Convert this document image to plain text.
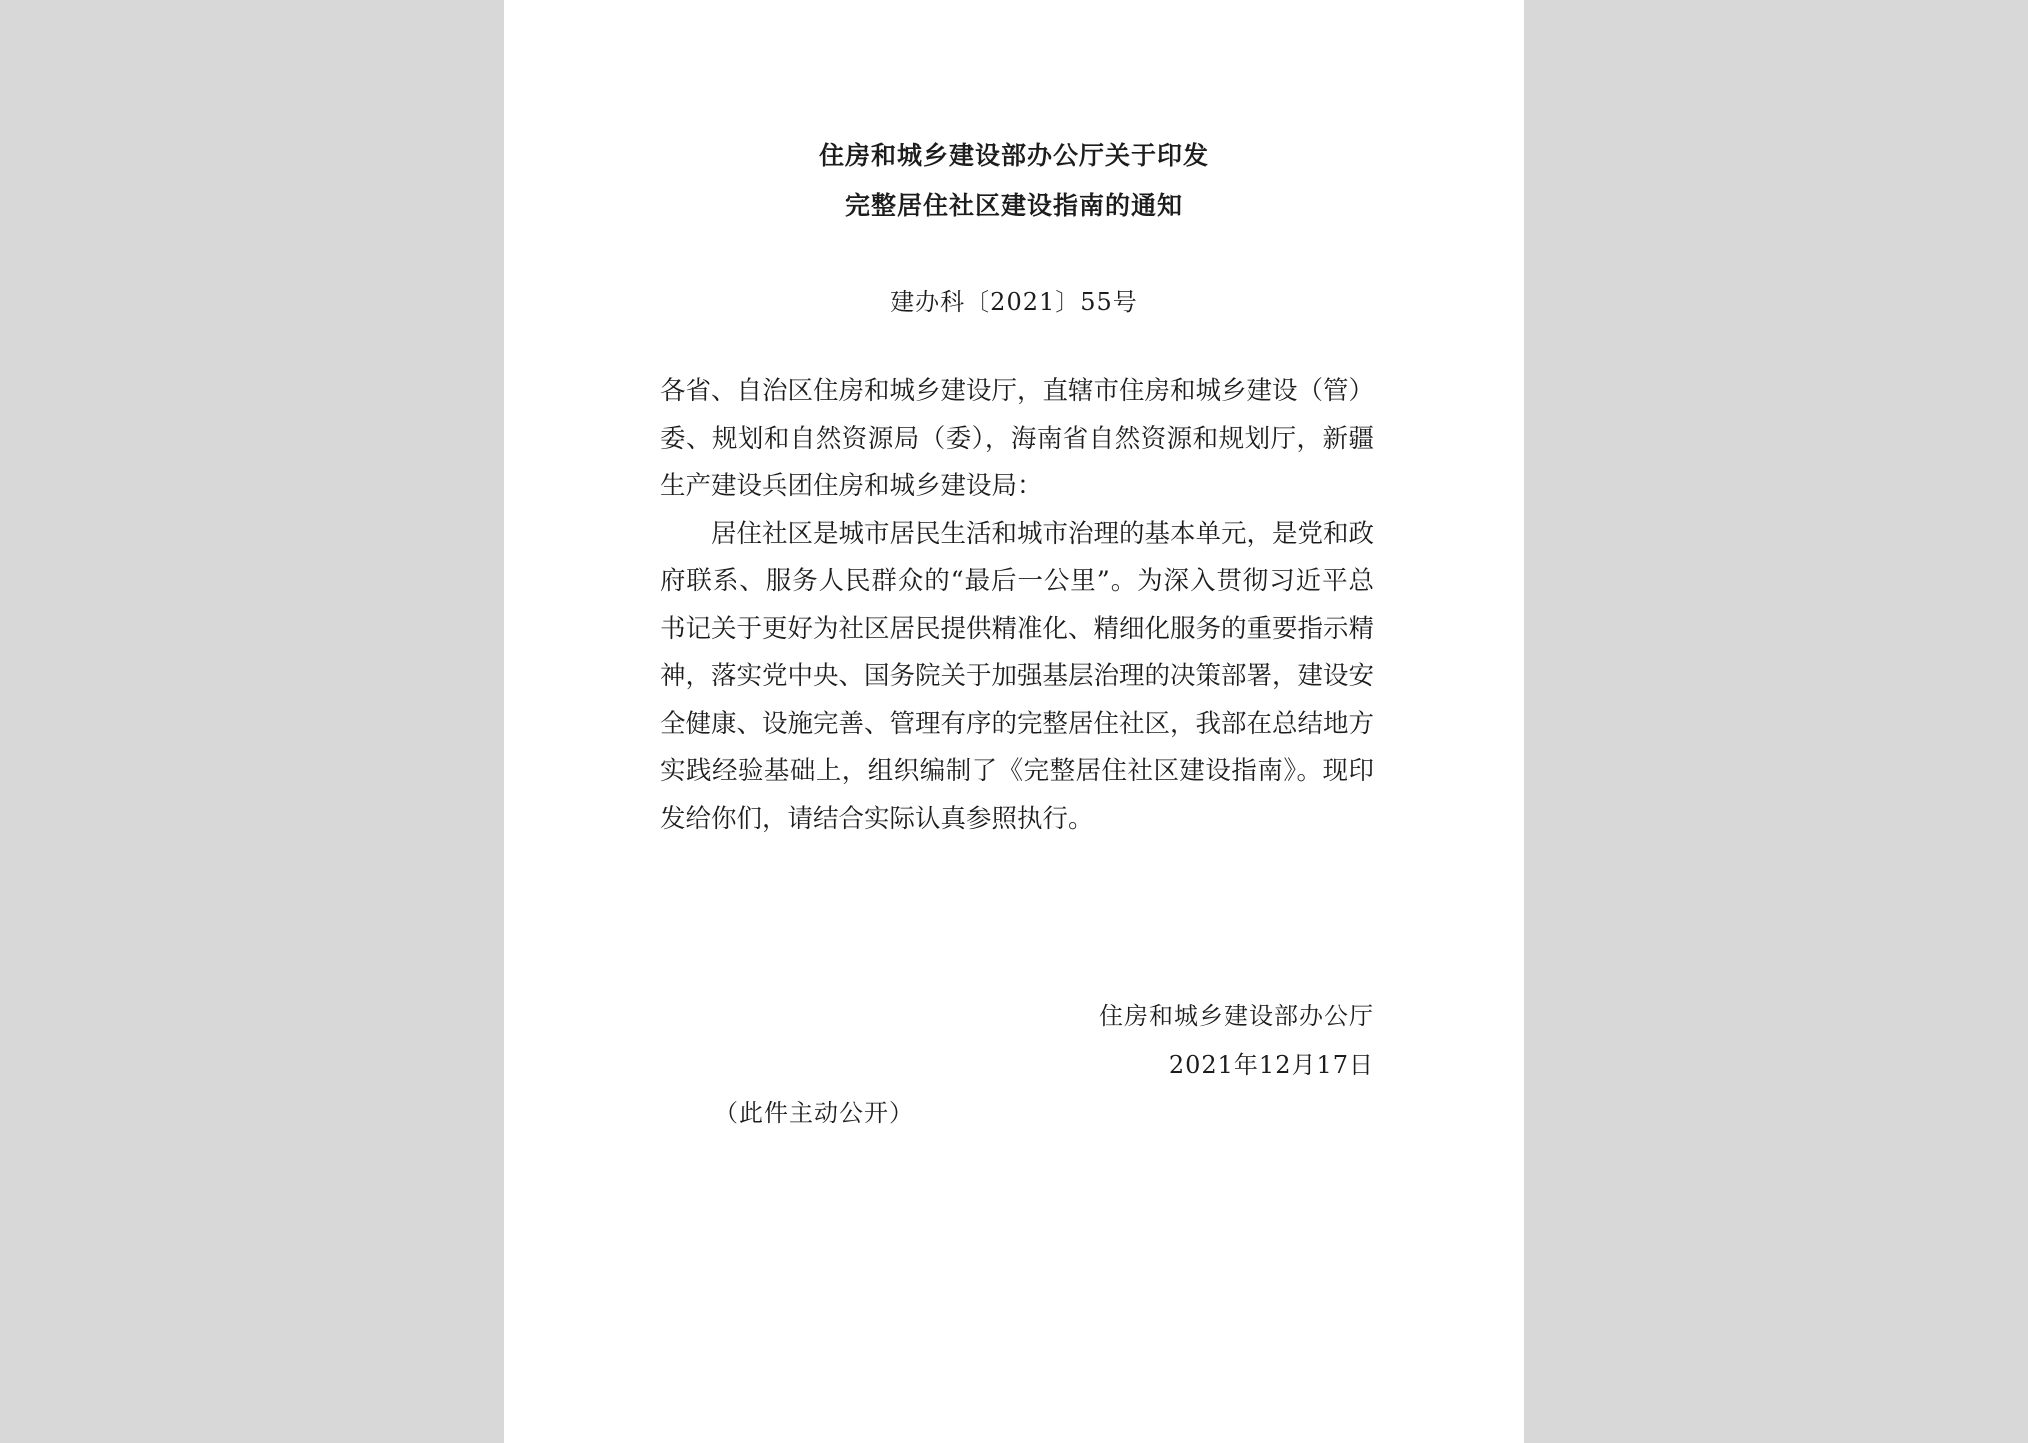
住房和城乡建设部办公厅关于印发
完整居住社区建设指南的通知
建办科〔2021〕55号

各省、自治区住房和城乡建设厅，直辖市住房和城乡建设（管）委、规划和自然资源局（委），海南省自然资源和规划厅，新疆生产建设兵团住房和城乡建设局：

居住社区是城市居民生活和城市治理的基本单元，是党和政府联系、服务人民群众的“最后一公里”。为深入贯彻习近平总书记关于更好为社区居民提供精准化、精细化服务的重要指示精神，落实党中央、国务院关于加强基层治理的决策部署，建设安全健康、设施完善、管理有序的完整居住社区，我部在总结地方实践经验基础上，组织编制了《完整居住社区建设指南》。现印发给你们，请结合实际认真参照执行。

住房和城乡建设部办公厅
2021年12月17日
（此件主动公开）
